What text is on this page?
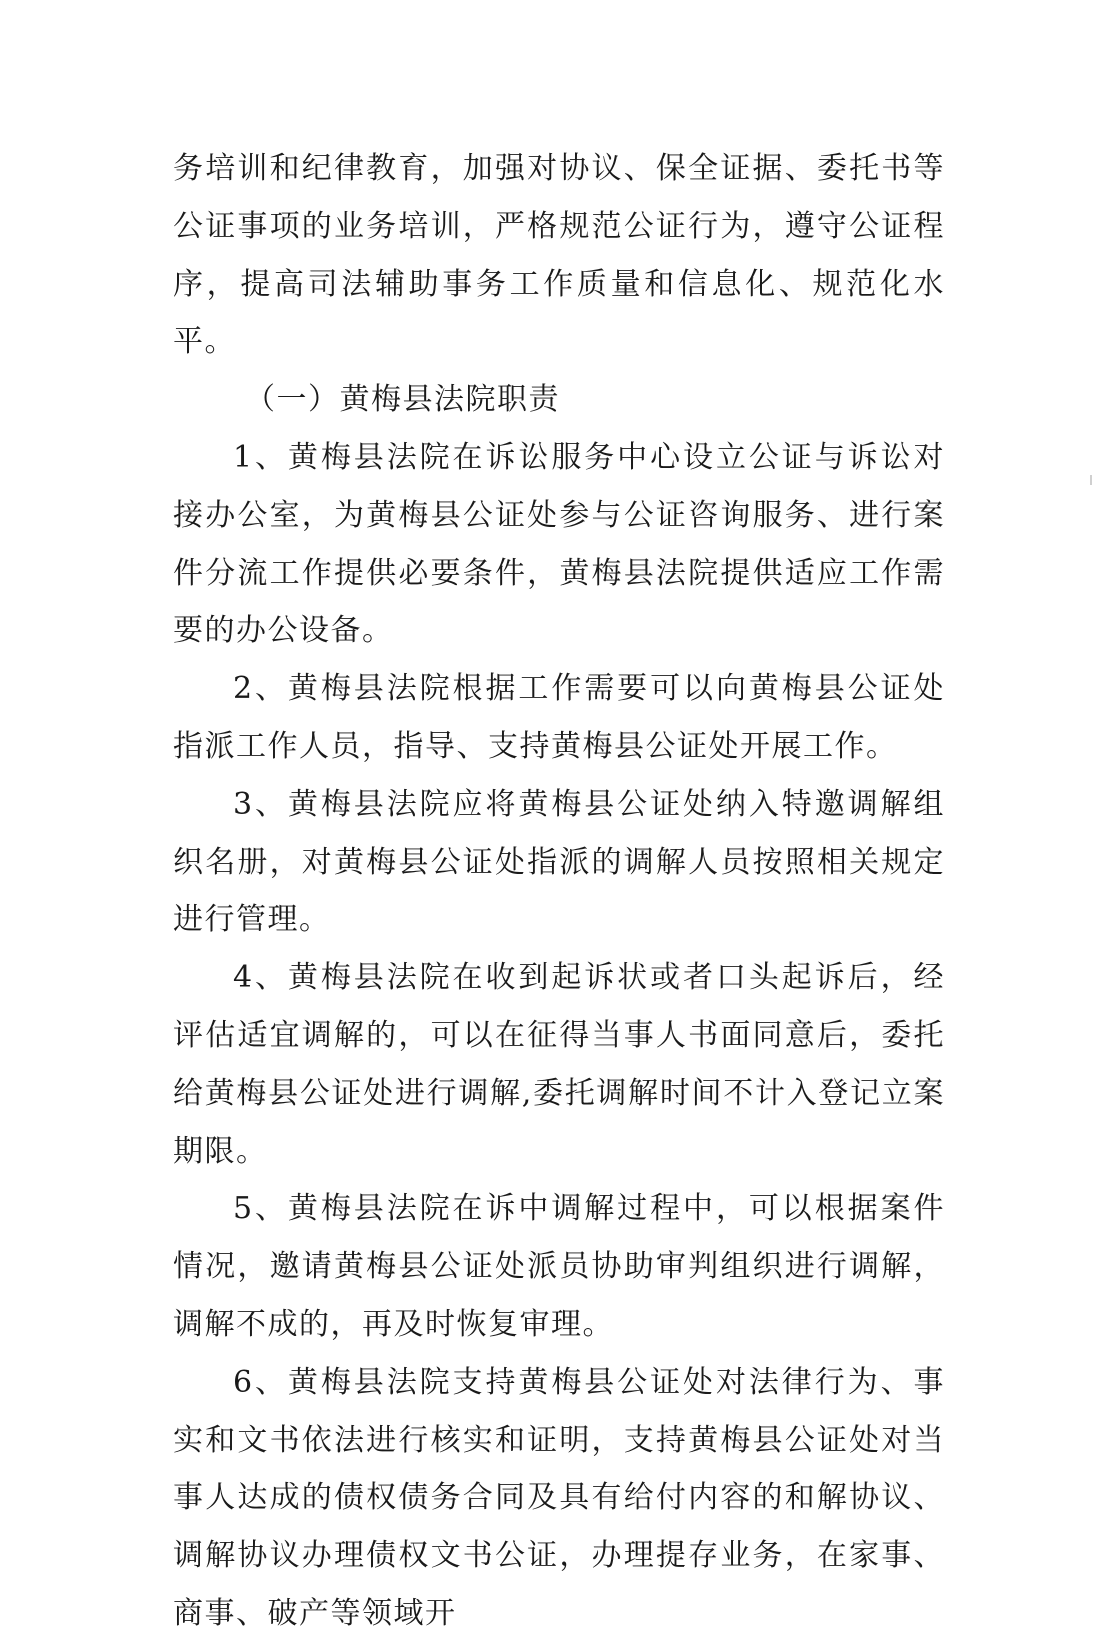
务培训和纪律教育，加强对协议、保全证据、委托书等公证事项的业务培训，严格规范公证行为，遵守公证程序，提高司法辅助事务工作质量和信息化、规范化水平。

（一）黄梅县法院职责

1、黄梅县法院在诉讼服务中心设立公证与诉讼对接办公室，为黄梅县公证处参与公证咨询服务、进行案件分流工作提供必要条件，黄梅县法院提供适应工作需要的办公设备。

2、黄梅县法院根据工作需要可以向黄梅县公证处指派工作人员，指导、支持黄梅县公证处开展工作。

3、黄梅县法院应将黄梅县公证处纳入特邀调解组织名册，对黄梅县公证处指派的调解人员按照相关规定进行管理。

4、黄梅县法院在收到起诉状或者口头起诉后，经评估适宜调解的，可以在征得当事人书面同意后，委托给黄梅县公证处进行调解,委托调解时间不计入登记立案期限。

5、黄梅县法院在诉中调解过程中，可以根据案件情况，邀请黄梅县公证处派员协助审判组织进行调解，调解不成的，再及时恢复审理。

6、黄梅县法院支持黄梅县公证处对法律行为、事实和文书依法进行核实和证明，支持黄梅县公证处对当事人达成的债权债务合同及具有给付内容的和解协议、调解协议办理债权文书公证，办理提存业务，在家事、商事、破产等领域开
